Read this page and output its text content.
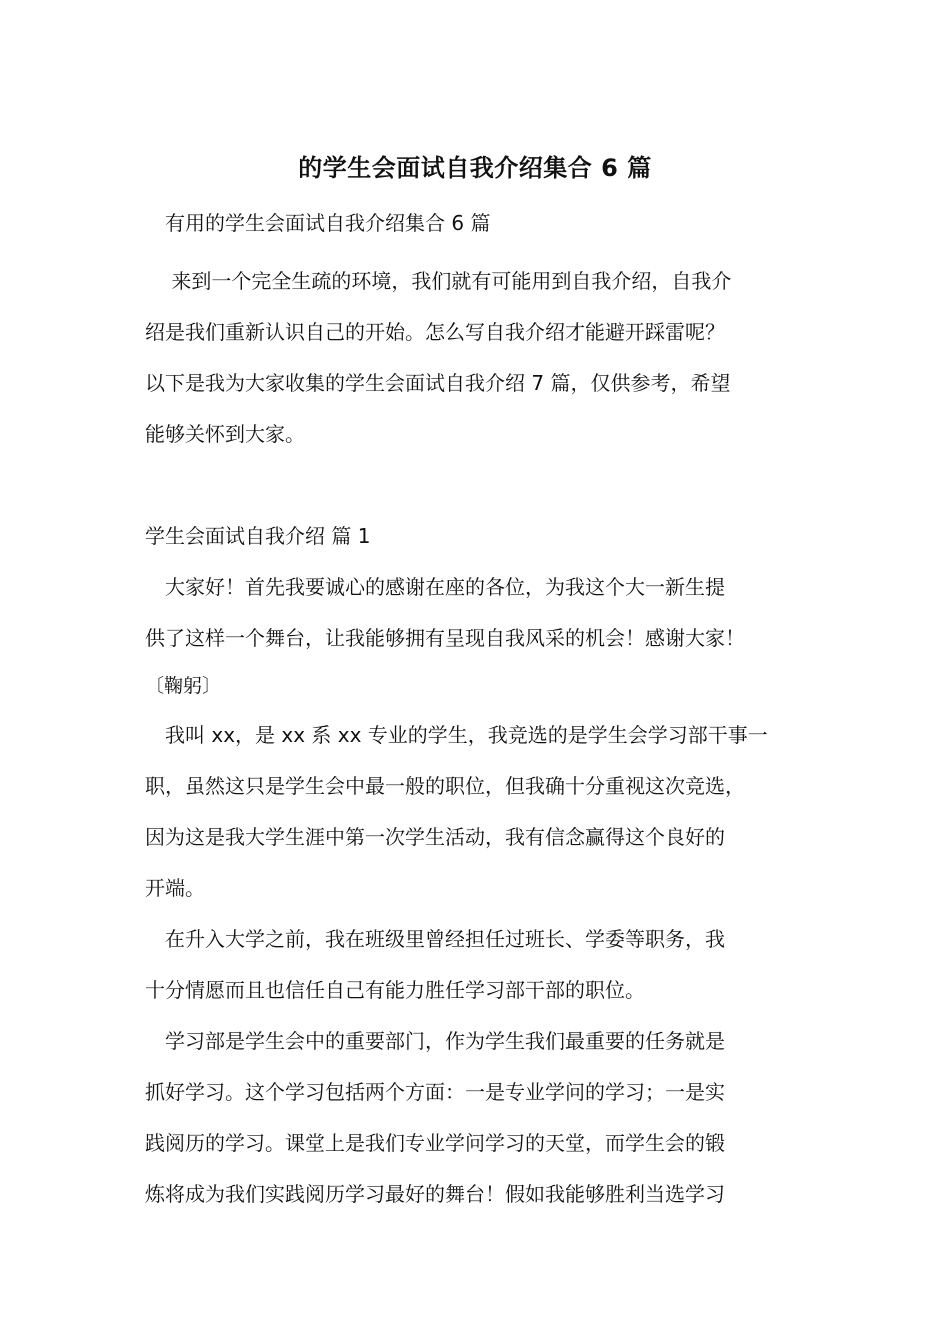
的学生会面试自我介绍集合 6 篇
有用的学生会面试自我介绍集合 6 篇
　 来到一个完全生疏的环境，我们就有可能用到自我介绍，自我介
绍是我们重新认识自己的开始。怎么写自我介绍才能避开踩雷呢？
以下是我为大家收集的学生会面试自我介绍 7 篇，仅供参考，希望
能够关怀到大家。
学生会面试自我介绍 篇 1
　大家好！首先我要诚心的感谢在座的各位，为我这个大一新生提
供了这样一个舞台，让我能够拥有呈现自我风采的机会！感谢大家！
〔鞠躬〕
　我叫 xx，是 xx 系 xx 专业的学生，我竞选的是学生会学习部干事一
职，虽然这只是学生会中最一般的职位，但我确十分重视这次竞选，
因为这是我大学生涯中第一次学生活动，我有信念赢得这个良好的
开端。
　在升入大学之前，我在班级里曾经担任过班长、学委等职务，我
十分情愿而且也信任自己有能力胜任学习部干部的职位。
　学习部是学生会中的重要部门，作为学生我们最重要的任务就是
抓好学习。这个学习包括两个方面：一是专业学问的学习；一是实
践阅历的学习。课堂上是我们专业学问学习的天堂，而学生会的锻
炼将成为我们实践阅历学习最好的舞台！假如我能够胜利当选学习
